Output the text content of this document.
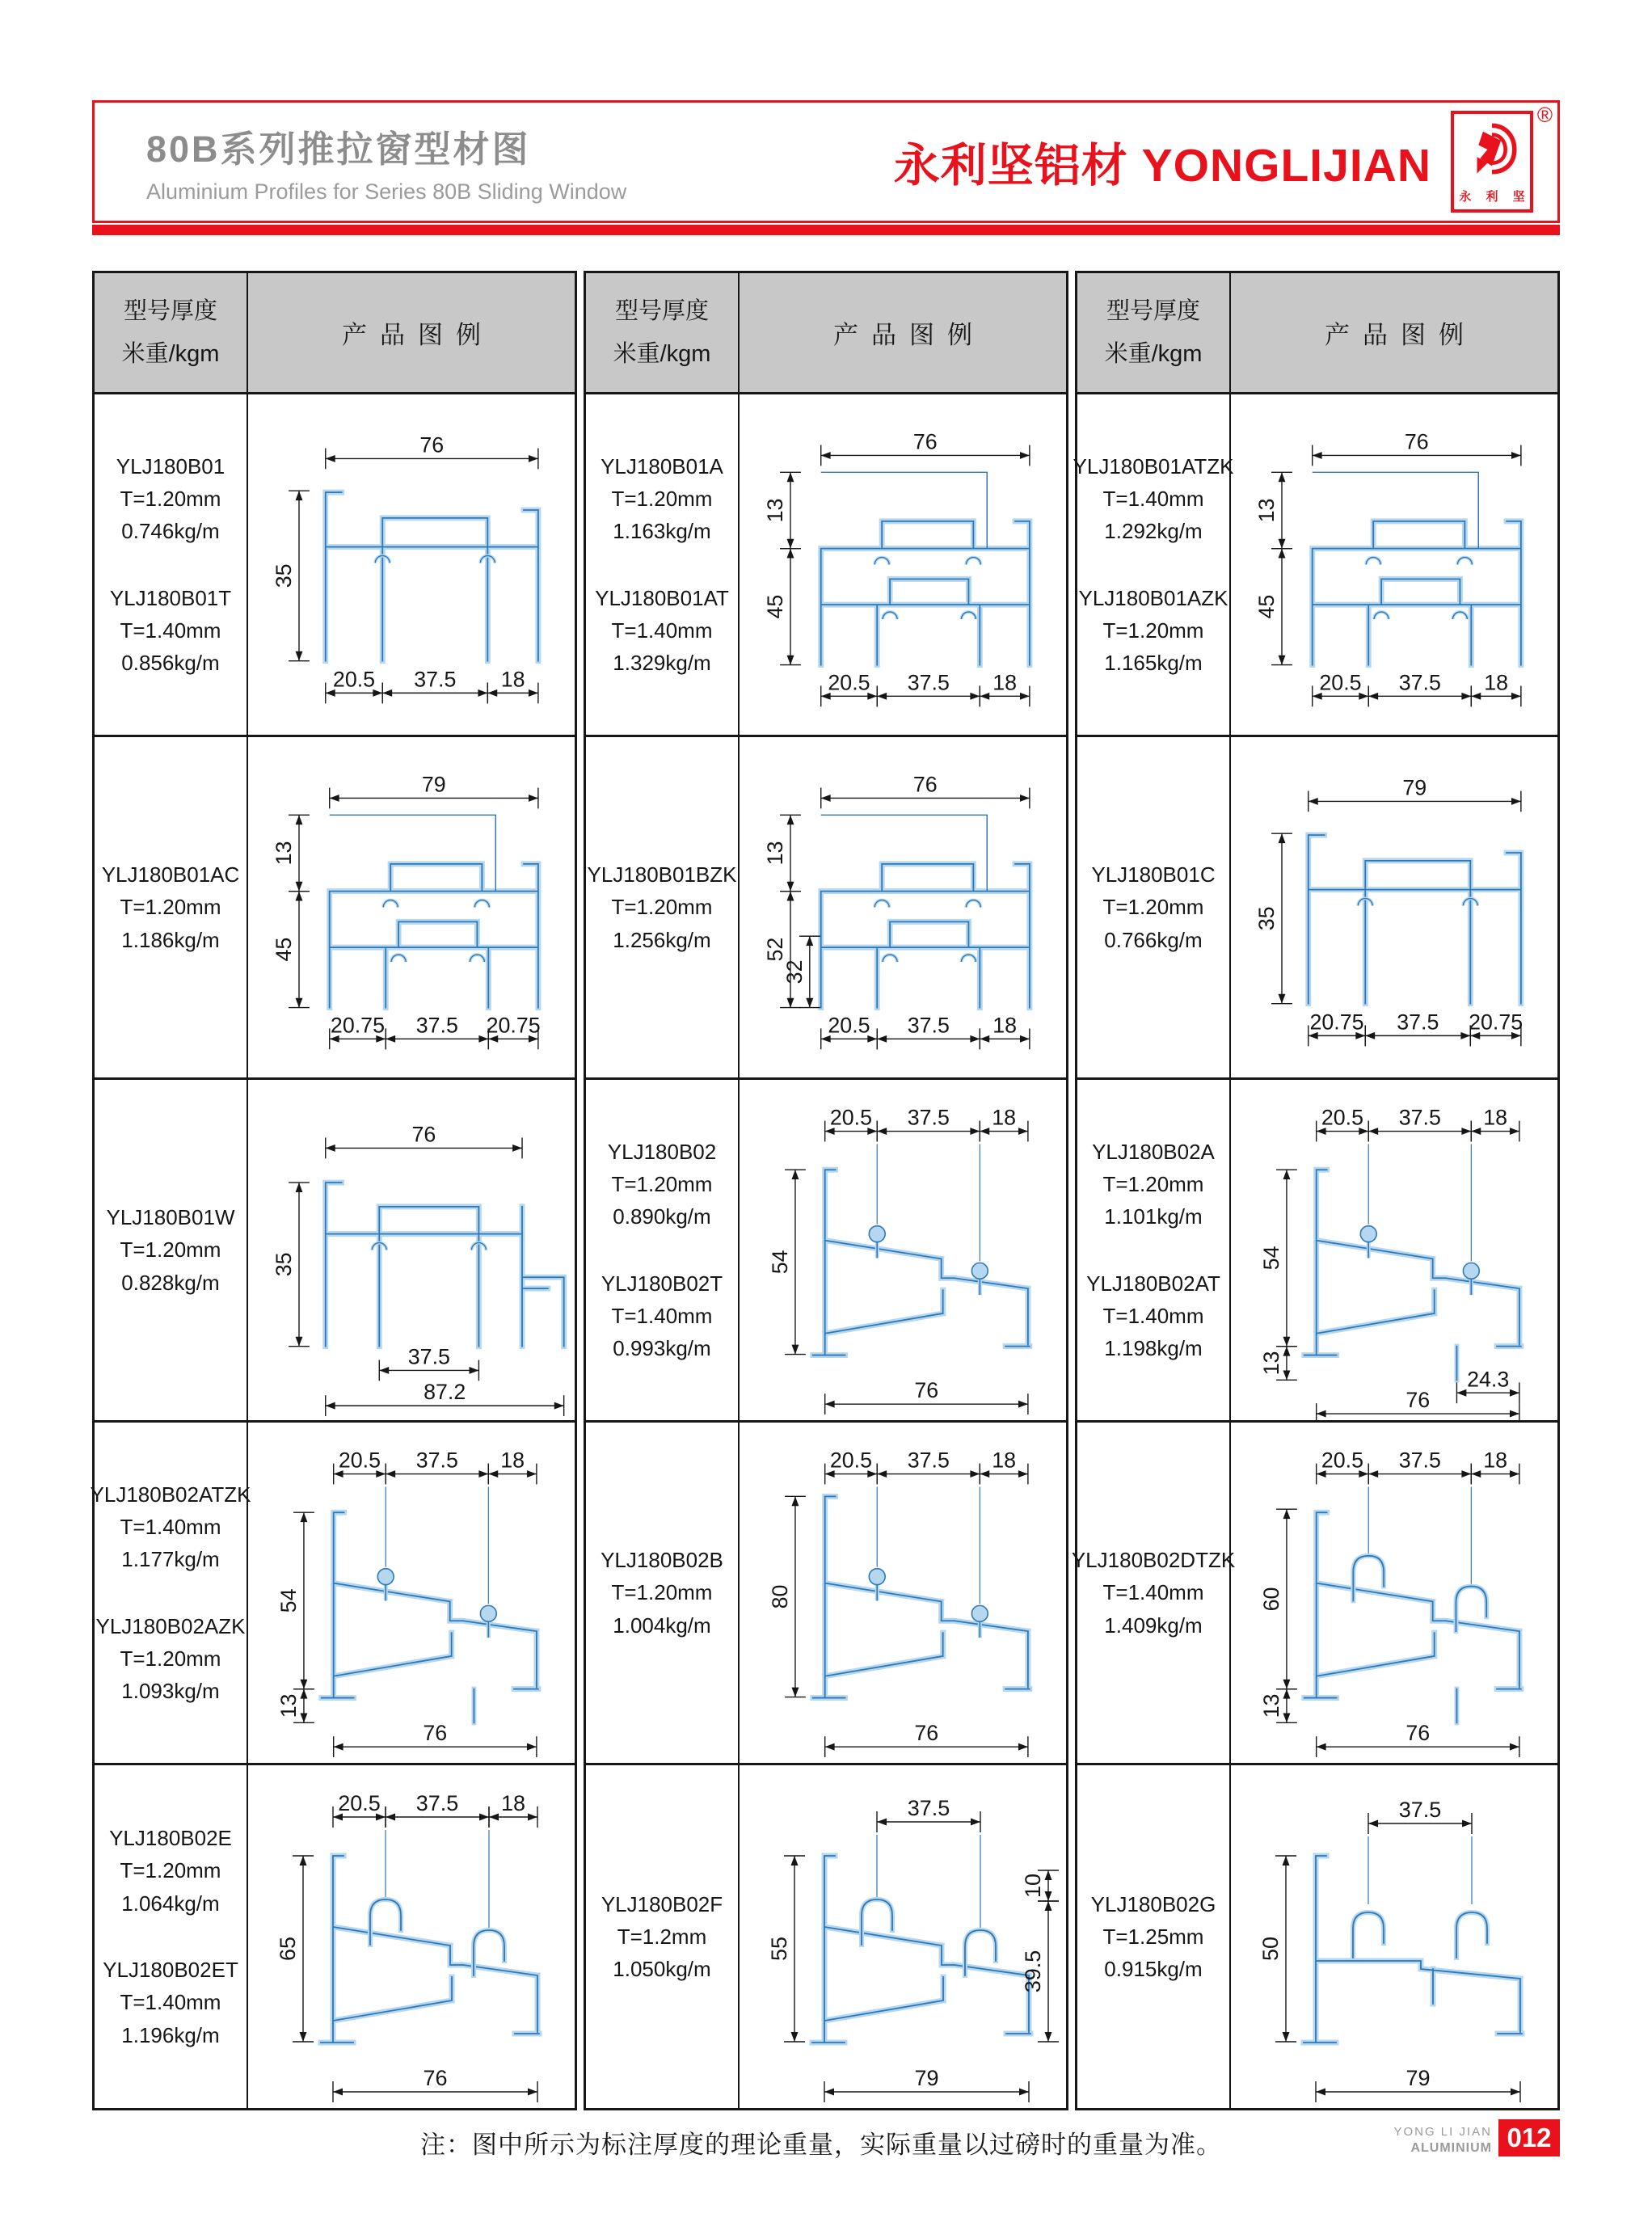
80B系列推拉窗型材图
Aluminium Profiles for Series 80B Sliding Window	永利坚铝材 YONGLIJIAN
®
永 利 坚
型号厚度
米重/kgm
产品图例
YLJ180B01
T=1.20mm
0.746kg/m
YLJ180B01T
T=1.40mm
0.856kg/m
76
35
20.5 37.5 18
YLJ180B01AC
T=1.20mm
1.186kg/m
79
13
45
20.75 37.5 20.75
YLJ180B01W
T=1.20mm
0.828kg/m
76
35
37.5
87.2
YLJ180B02ATZK
T=1.40mm
1.177kg/m
YLJ180B02AZK
T=1.20mm
1.093kg/m
20.5 37.5 18
54
13
76
YLJ180B02E
T=1.20mm
1.064kg/m
YLJ180B02ET
T=1.40mm
1.196kg/m
20.5 37.5 18
65
76
型号厚度
米重/kgm
产品图例
YLJ180B01A
T=1.20mm
1.163kg/m
YLJ180B01AT
T=1.40mm
1.329kg/m
76
13
45
20.5 37.5 18
YLJ180B01BZK
T=1.20mm
1.256kg/m
76
13
52
32
20.5 37.5 18
YLJ180B02
T=1.20mm
0.890kg/m
YLJ180B02T
T=1.40mm
0.993kg/m
20.5 37.5 18
54
76
YLJ180B02B
T=1.20mm
1.004kg/m
20.5 37.5 18
80
76
YLJ180B02F
T=1.2mm
1.050kg/m
37.5
55
10
39.5
79
型号厚度
米重/kgm
产品图例
YLJ180B01ATZK
T=1.40mm
1.292kg/m
YLJ180B01AZK
T=1.20mm
1.165kg/m
76
13
45
20.5 37.5 18
YLJ180B01C
T=1.20mm
0.766kg/m
79
35
20.75 37.5 20.75
YLJ180B02A
T=1.20mm
1.101kg/m
YLJ180B02AT
T=1.40mm
1.198kg/m
20.5 37.5 18
54
13
24.3
76
YLJ180B02DTZK
T=1.40mm
1.409kg/m
20.5 37.5 18
60
13
76
YLJ180B02G
T=1.25mm
0.915kg/m
37.5
50
79
注：图中所示为标注厚度的理论重量，实际重量以过磅时的重量为准。	YONG LI JIAN
ALUMINIUM 012
